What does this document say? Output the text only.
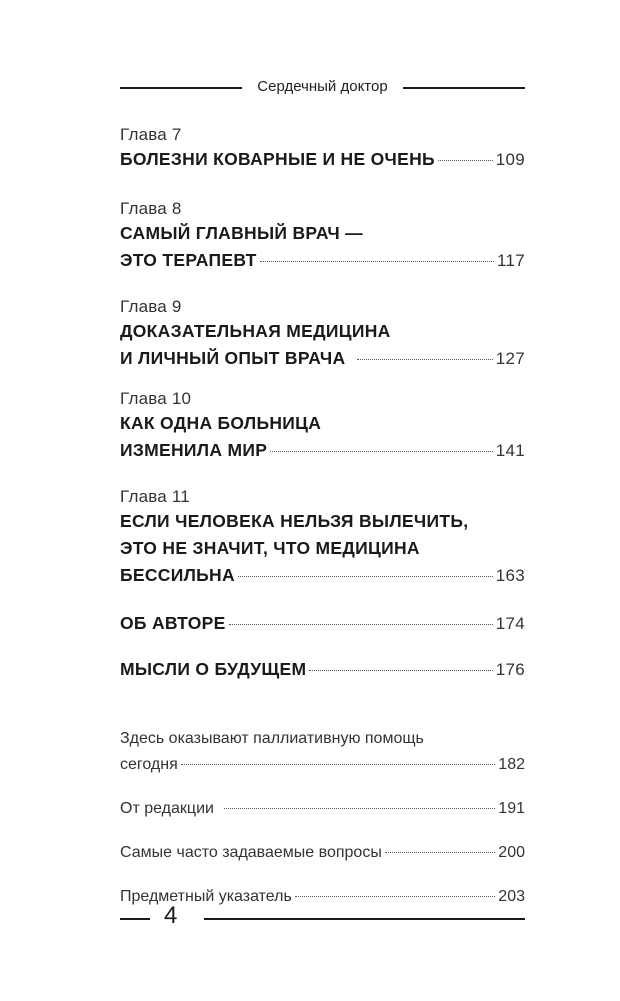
Сердечный доктор
Глава 7
БОЛЕЗНИ КОВАРНЫЕ И НЕ ОЧЕНЬ	109
Глава 8
САМЫЙ ГЛАВНЫЙ ВРАЧ —
ЭТО ТЕРАПЕВТ	117
Глава 9
ДОКАЗАТЕЛЬНАЯ МЕДИЦИНА
И ЛИЧНЫЙ ОПЫТ ВРАЧА	127
Глава 10
КАК ОДНА БОЛЬНИЦА
ИЗМЕНИЛА МИР	141
Глава 11
ЕСЛИ ЧЕЛОВЕКА НЕЛЬЗЯ ВЫЛЕЧИТЬ,
ЭТО НЕ ЗНАЧИТ, ЧТО МЕДИЦИНА
БЕССИЛЬНА	163
ОБ АВТОРЕ	174
МЫСЛИ О БУДУЩЕМ	176
Здесь оказывают паллиативную помощь
сегодня	182
От редакции	191
Самые часто задаваемые вопросы	200
Предметный указатель	203
4
